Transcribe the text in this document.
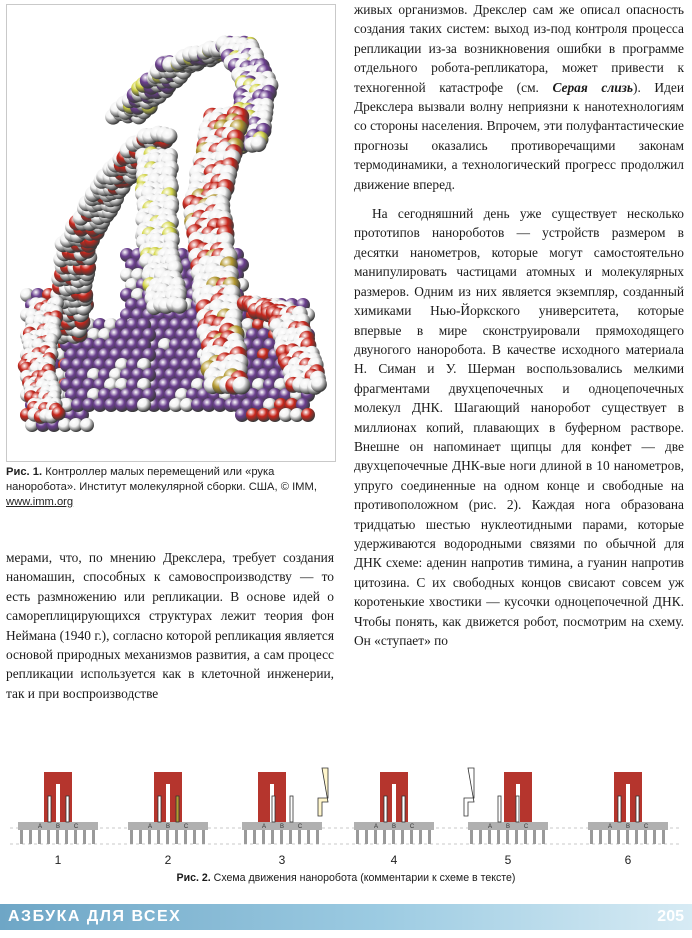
Рис. 1. Контроллер малых перемещений или «рука наноробота». Институт молекулярной сборки. США, © IMM, www.imm.org

мерами, что, по мнению Дрекслера, требует создания наномашин, способных к самовоспроизводству — то есть размножению или репликации. В основе идей о самореплицирующихся структурах лежит теория фон Неймана (1940 г.), согласно которой репликация является основой природных механизмов развития, а сам процесс репликации используется как в клеточной инженерии, так и при воспроизводстве

живых организмов. Дрекслер сам же описал опасность создания таких систем: выход из-под контроля процесса репликации из-за возникновения ошибки в программе отдельного робота-репликатора, может привести к техногенной катастрофе (см. Серая слизь). Идеи Дрекслера вызвали волну неприязни к нанотехнологиям со стороны населения. Впрочем, эти полуфантастические прогнозы оказались противоречащими законам термодинамики, а технологический прогресс продолжил движение вперед.

На сегодняшний день уже существует несколько прототипов нанороботов — устройств размером в десятки нанометров, которые могут самостоятельно манипулировать частицами атомных и молекулярных размеров. Одним из них является экземпляр, созданный химиками Нью-Йоркского университета, которые впервые в мире сконструировали прямоходящего двуногого наноробота. В качестве исходного материала Н. Симан и У. Шерман воспользовались мелкими фрагментами двухцепочечных и одноцепочечных молекул ДНК. Шагающий наноробот существует в миллионах копий, плавающих в буферном растворе. Внешне он напоминает щипцы для конфет — две двухцепочечные ДНК-вые ноги длиной в 10 нанометров, упруго соединенные на одном конце и свободные на противоположном (рис. 2). Каждая нога образована тридцатью шестью нуклеотидными парами, которые удерживаются водородными связями по обычной для ДНК схеме: аденин напротив тимина, а гуанин напротив цитозина. С их свободных концов свисают совсем уж коротенькие хвостики — кусочки одноцепочечной ДНК. Чтобы понять, как движется робот, посмотрим на схему. Он «ступает» по

A B C
1
A B C
2
A B C
3
A B C
4
A B C
5
A B C
6
Рис. 2. Схема движения наноробота (комментарии к схеме в тексте)
АЗБУКА ДЛЯ ВСЕХ	205
